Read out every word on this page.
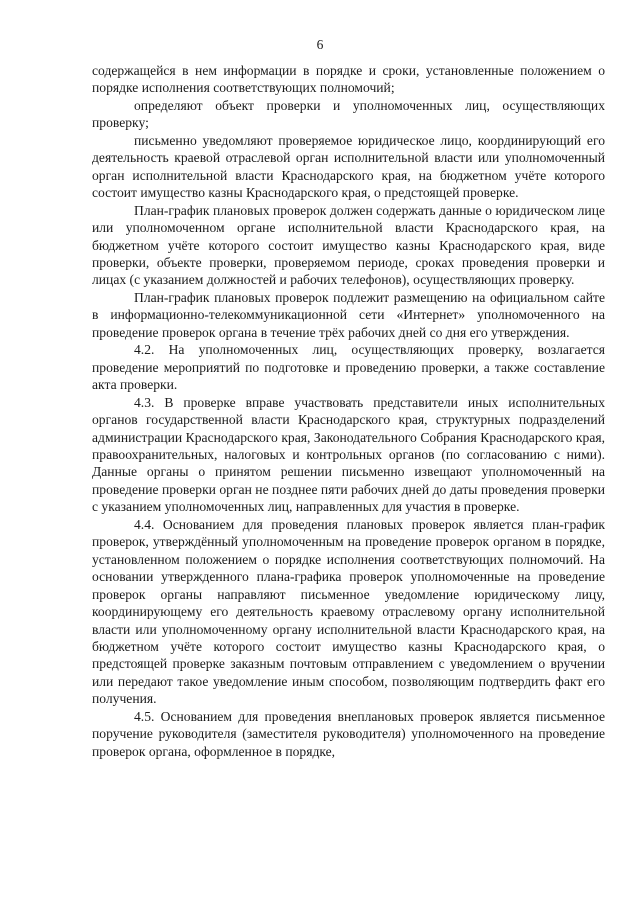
6

содержащейся в нем информации в порядке и сроки, установленные положением о порядке исполнения соответствующих полномочий;

определяют объект проверки и уполномоченных лиц, осуществляющих проверку;

письменно уведомляют проверяемое юридическое лицо, координирующий его деятельность краевой отраслевой орган исполнительной власти или уполномоченный орган исполнительной власти Краснодарского края, на бюджетном учёте которого состоит имущество казны Краснодарского края, о предстоящей проверке.

План-график плановых проверок должен содержать данные о юридическом лице или уполномоченном органе исполнительной власти Краснодарского края, на бюджетном учёте которого состоит имущество казны Краснодарского края, виде проверки, объекте проверки, проверяемом периоде, сроках проведения проверки и лицах (с указанием должностей и рабочих телефонов), осуществляющих проверку.

План-график плановых проверок подлежит размещению на официальном сайте в информационно-телекоммуникационной сети «Интернет» уполномоченного на проведение проверок органа в течение трёх рабочих дней со дня его утверждения.

4.2. На уполномоченных лиц, осуществляющих проверку, возлагается проведение мероприятий по подготовке и проведению проверки, а также составление акта проверки.

4.3. В проверке вправе участвовать представители иных исполнительных органов государственной власти Краснодарского края, структурных подразделений администрации Краснодарского края, Законодательного Собрания Краснодарского края, правоохранительных, налоговых и контрольных органов (по согласованию с ними). Данные органы о принятом решении письменно извещают уполномоченный на проведение проверки орган не позднее пяти рабочих дней до даты проведения проверки с указанием уполномоченных лиц, направленных для участия в проверке.

4.4. Основанием для проведения плановых проверок является план-график проверок, утверждённый уполномоченным на проведение проверок органом в порядке, установленном положением о порядке исполнения соответствующих полномочий. На основании утвержденного плана-графика проверок уполномоченные на проведение проверок органы направляют письменное уведомление юридическому лицу, координирующему его деятельность краевому отраслевому органу исполнительной власти или уполномоченному органу исполнительной власти Краснодарского края, на бюджетном учёте которого состоит имущество казны Краснодарского края, о предстоящей проверке заказным почтовым отправлением с уведомлением о вручении или передают такое уведомление иным способом, позволяющим подтвердить факт его получения.

4.5. Основанием для проведения внеплановых проверок является письменное поручение руководителя (заместителя руководителя) уполномоченного на проведение проверок органа, оформленное в порядке,
